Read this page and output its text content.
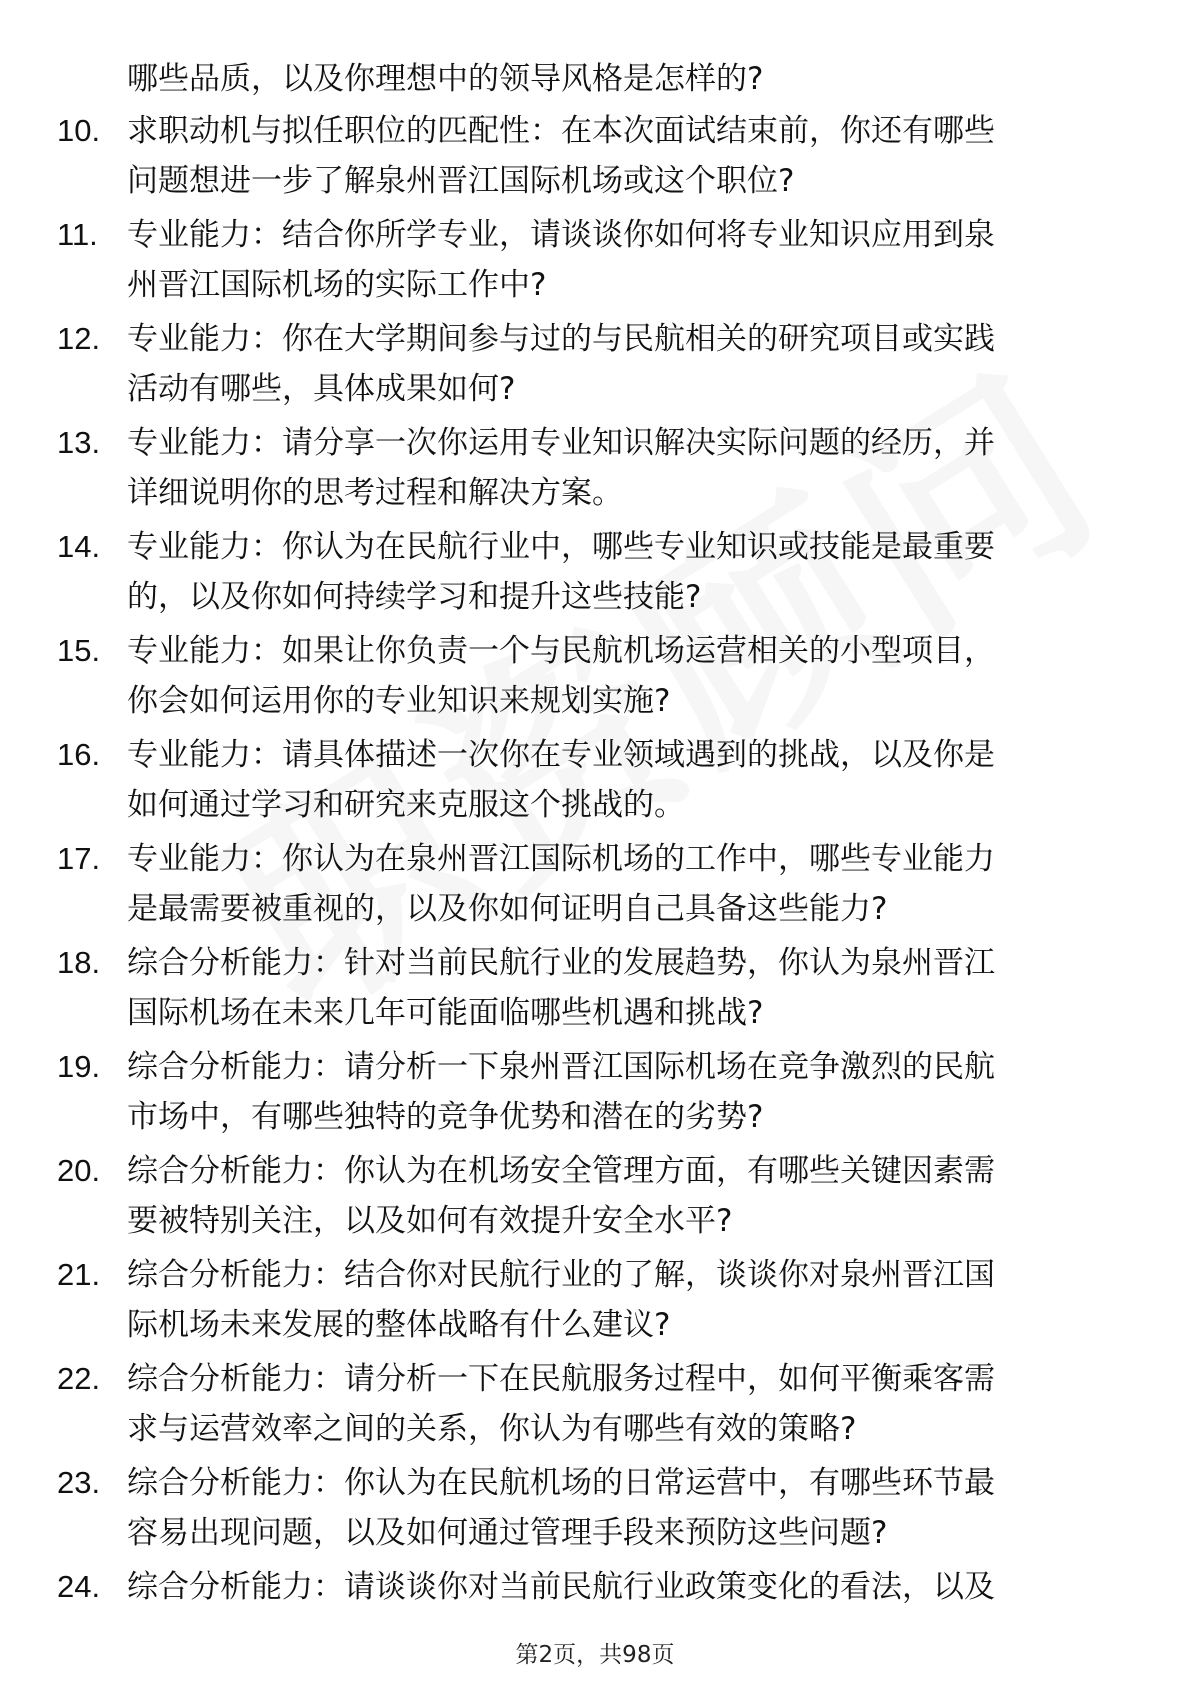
哪些品质，以及你理想中的领导风格是怎样的?
10. 求职动机与拟任职位的匹配性：在本次面试结束前，你还有哪些
问题想进一步了解泉州晋江国际机场或这个职位?
11. 专业能力：结合你所学专业，请谈谈你如何将专业知识应用到泉
州晋江国际机场的实际工作中?
12. 专业能力：你在大学期间参与过的与民航相关的研究项目或实践
活动有哪些，具体成果如何?
13. 专业能力：请分享一次你运用专业知识解决实际问题的经历，并
详细说明你的思考过程和解决方案。
14. 专业能力：你认为在民航行业中，哪些专业知识或技能是最重要
的，以及你如何持续学习和提升这些技能?
15. 专业能力：如果让你负责一个与民航机场运营相关的小型项目，
你会如何运用你的专业知识来规划实施?
16. 专业能力：请具体描述一次你在专业领域遇到的挑战，以及你是
如何通过学习和研究来克服这个挑战的。
17. 专业能力：你认为在泉州晋江国际机场的工作中，哪些专业能力
是最需要被重视的，以及你如何证明自己具备这些能力?
18. 综合分析能力：针对当前民航行业的发展趋势，你认为泉州晋江
国际机场在未来几年可能面临哪些机遇和挑战?
19. 综合分析能力：请分析一下泉州晋江国际机场在竞争激烈的民航
市场中，有哪些独特的竞争优势和潜在的劣势?
20. 综合分析能力：你认为在机场安全管理方面，有哪些关键因素需
要被特别关注，以及如何有效提升安全水平?
21. 综合分析能力：结合你对民航行业的了解，谈谈你对泉州晋江国
际机场未来发展的整体战略有什么建议?
22. 综合分析能力：请分析一下在民航服务过程中，如何平衡乘客需
求与运营效率之间的关系，你认为有哪些有效的策略?
23. 综合分析能力：你认为在民航机场的日常运营中，有哪些环节最
容易出现问题，以及如何通过管理手段来预防这些问题?
24. 综合分析能力：请谈谈你对当前民航行业政策变化的看法，以及
第2页，共98页
